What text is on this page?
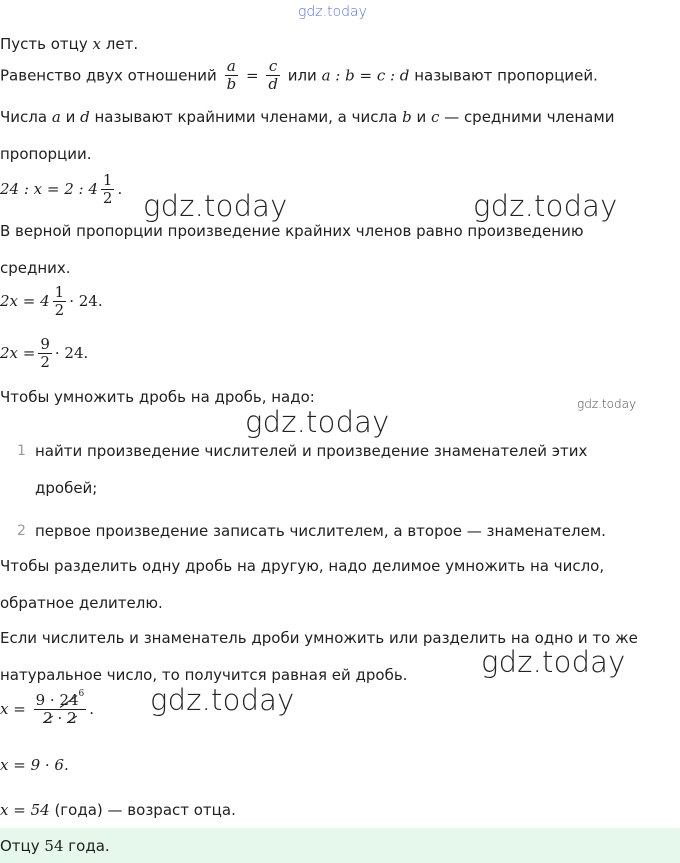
gdz.today
Пусть отцу x лет.
Равенство двух отношений $\frac{a}{b} = \frac{c}{d}$ или a : b = c : d называют пропорцией.
Числа a и d называют крайними членами, а числа b и c — средними членами
пропорции.
24 : x = 2 : $4 \frac{1}{2}$ .
gdz.today	gdz.today
В верной пропорции произведение крайних членов равно произведению
средних.
$2x = 4 \frac{1}{2} \cdot 24$.
$2x = \frac{9}{2} \cdot 24$.
Чтобы умножить дробь на дробь, надо:	gdz.today
gdz.today
1 найти произведение числителей и произведение знаменателей этих
дробей;
2 первое произведение записать числителем, а второе — знаменателем.
Чтобы разделить одну дробь на другую, надо делимое умножить на число,
обратное делителю.
Если числитель и знаменатель дроби умножить или разделить на одно и то же
натуральное число, то получится равная ей дробь.	gdz.today
$x = \frac{9 \cdot 24^6}{2 \cdot 2}$ . gdz.today
x = 9 · 6.
x = 54 (года) — возраст отца.
Отцу 54 года.
